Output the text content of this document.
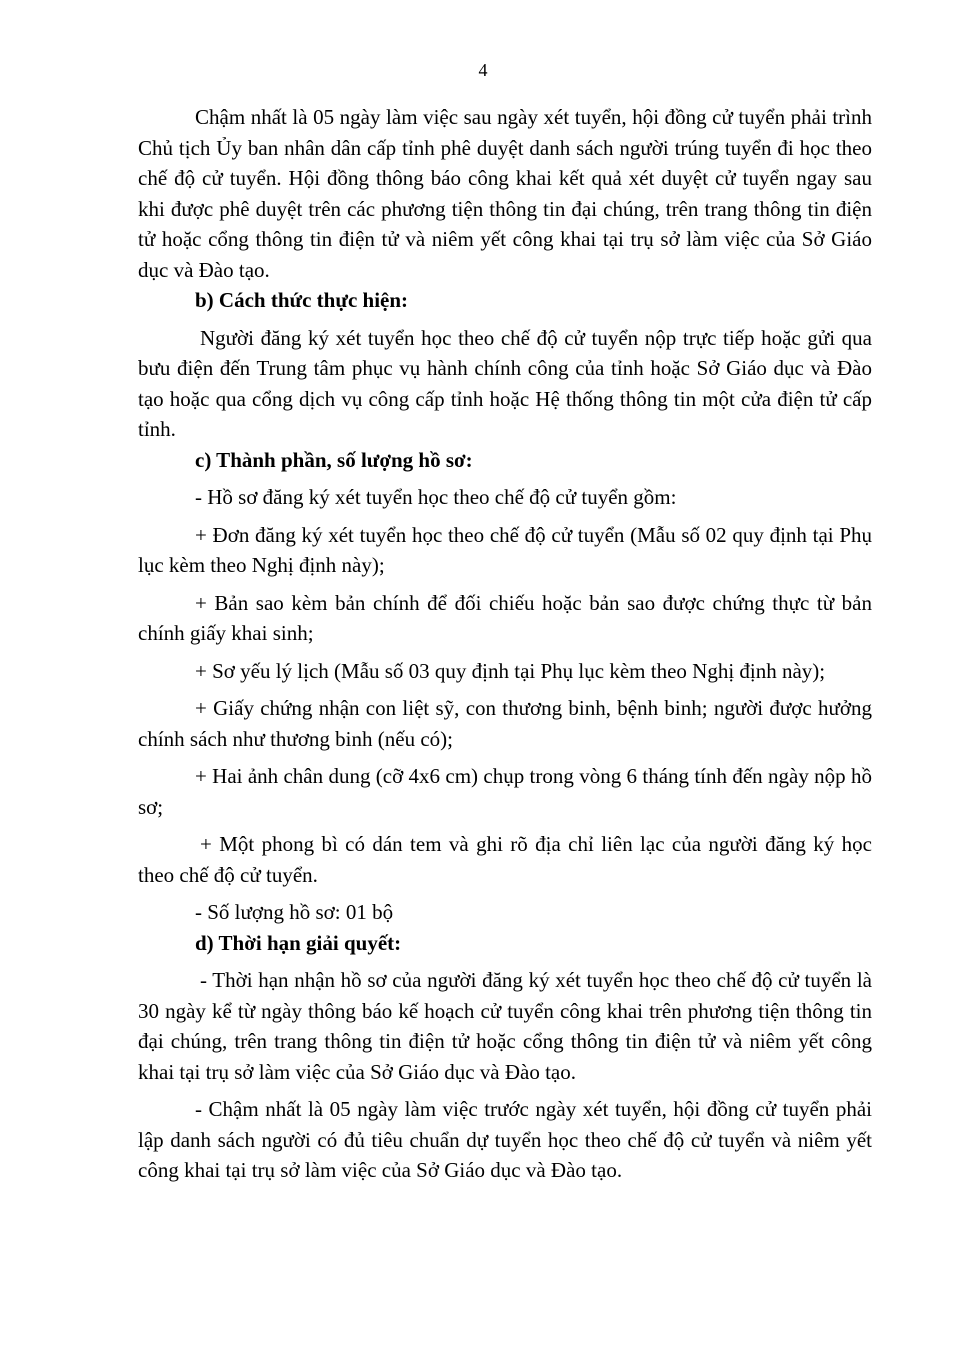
4

Chậm nhất là 05 ngày làm việc sau ngày xét tuyển, hội đồng cử tuyển phải trình Chủ tịch Ủy ban nhân dân cấp tỉnh phê duyệt danh sách người trúng tuyển đi học theo chế độ cử tuyển. Hội đồng thông báo công khai kết quả xét duyệt cử tuyển ngay sau khi được phê duyệt trên các phương tiện thông tin đại chúng, trên trang thông tin điện tử hoặc cổng thông tin điện tử và niêm yết công khai tại trụ sở làm việc của Sở Giáo dục và Đào tạo.

b) Cách thức thực hiện:

Người đăng ký xét tuyển học theo chế độ cử tuyển nộp trực tiếp hoặc gửi qua bưu điện đến Trung tâm phục vụ hành chính công của tỉnh hoặc Sở Giáo dục và Đào tạo hoặc qua cổng dịch vụ công cấp tỉnh hoặc Hệ thống thông tin một cửa điện tử cấp tỉnh.

c) Thành phần, số lượng hồ sơ:

- Hồ sơ đăng ký xét tuyển học theo chế độ cử tuyển gồm:

+ Đơn đăng ký xét tuyển học theo chế độ cử tuyển (Mẫu số 02 quy định tại Phụ lục kèm theo Nghị định này);

+ Bản sao kèm bản chính để đối chiếu hoặc bản sao được chứng thực từ bản chính giấy khai sinh;

+ Sơ yếu lý lịch (Mẫu số 03 quy định tại Phụ lục kèm theo Nghị định này);

+ Giấy chứng nhận con liệt sỹ, con thương binh, bệnh binh; người được hưởng chính sách như thương binh (nếu có);

+ Hai ảnh chân dung (cỡ 4x6 cm) chụp trong vòng 6 tháng tính đến ngày nộp hồ sơ;

+ Một phong bì có dán tem và ghi rõ địa chỉ liên lạc của người đăng ký học theo chế độ cử tuyển.

- Số lượng hồ sơ: 01 bộ

d) Thời hạn giải quyết:

- Thời hạn nhận hồ sơ của người đăng ký xét tuyển học theo chế độ cử tuyển là 30 ngày kể từ ngày thông báo kế hoạch cử tuyển công khai trên phương tiện thông tin đại chúng, trên trang thông tin điện tử hoặc cổng thông tin điện tử và niêm yết công khai tại trụ sở làm việc của Sở Giáo dục và Đào tạo.

- Chậm nhất là 05 ngày làm việc trước ngày xét tuyển, hội đồng cử tuyển phải lập danh sách người có đủ tiêu chuẩn dự tuyển học theo chế độ cử tuyển và niêm yết công khai tại trụ sở làm việc của Sở Giáo dục và Đào tạo.
